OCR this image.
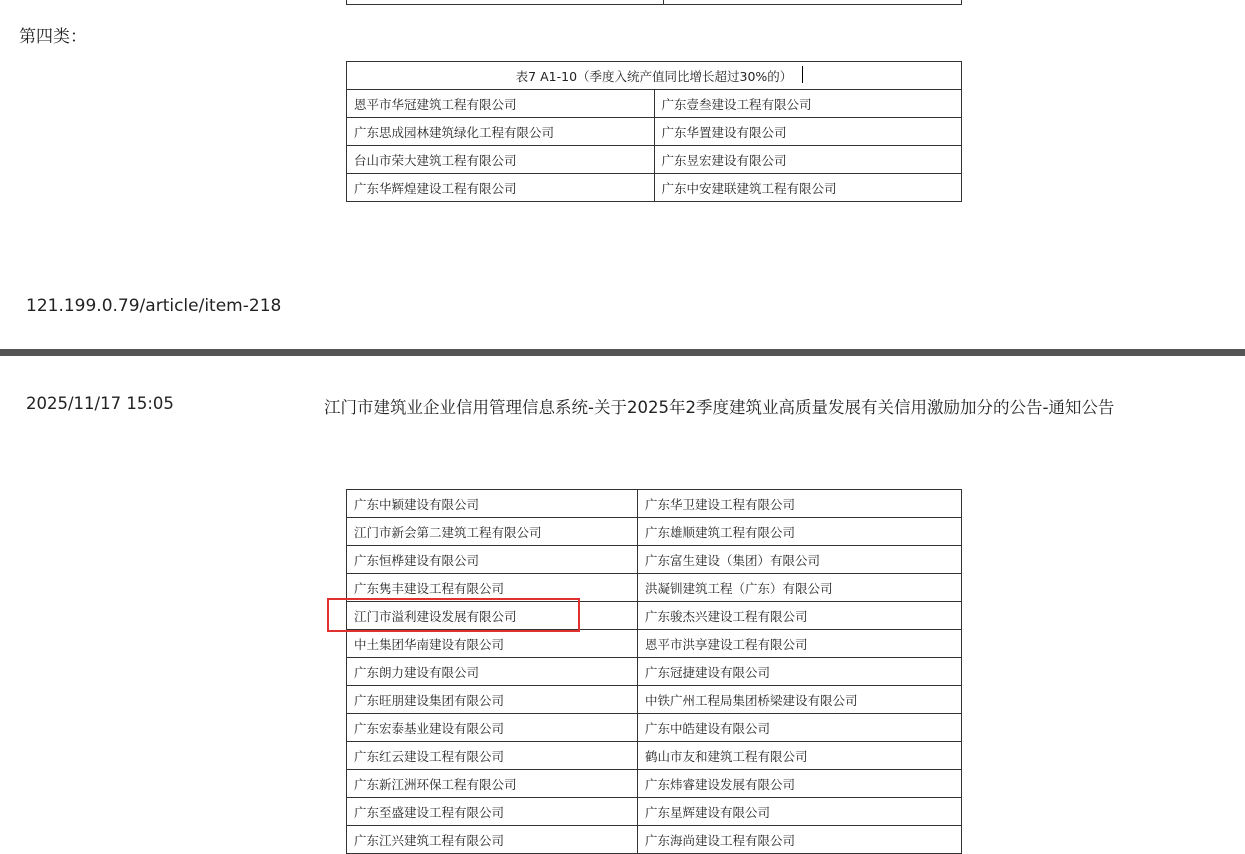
第四类：
表7 A1-10（季度入统产值同比增长超过30%的）	
恩平市华冠建筑工程有限公司	广东壹叁建设工程有限公司
广东思成园林建筑绿化工程有限公司	广东华置建设有限公司
台山市荣大建筑工程有限公司	广东昱宏建设有限公司
广东华辉煌建设工程有限公司	广东中安建联建筑工程有限公司
121.199.0.79/article/item-218
2025/11/17 15:05	江门市建筑业企业信用管理信息系统-关于2025年2季度建筑业高质量发展有关信用激励加分的公告-通知公告
广东中颖建设有限公司	广东华卫建设工程有限公司
江门市新会第二建筑工程有限公司	广东雄顺建筑工程有限公司
广东恒桦建设有限公司	广东富生建设（集团）有限公司
广东隽丰建设工程有限公司	洪凝钏建筑工程（广东）有限公司
江门市溢利建设发展有限公司	广东骏杰兴建设工程有限公司
中土集团华南建设有限公司	恩平市洪享建设工程有限公司
广东朗力建设有限公司	广东冠捷建设有限公司
广东旺朋建设集团有限公司	中铁广州工程局集团桥梁建设有限公司
广东宏泰基业建设有限公司	广东中皓建设有限公司
广东红云建设工程有限公司	鹤山市友和建筑工程有限公司
广东新江洲环保工程有限公司	广东炜睿建设发展有限公司
广东至盛建设工程有限公司	广东星辉建设有限公司
广东江兴建筑工程有限公司	广东海尚建设工程有限公司
